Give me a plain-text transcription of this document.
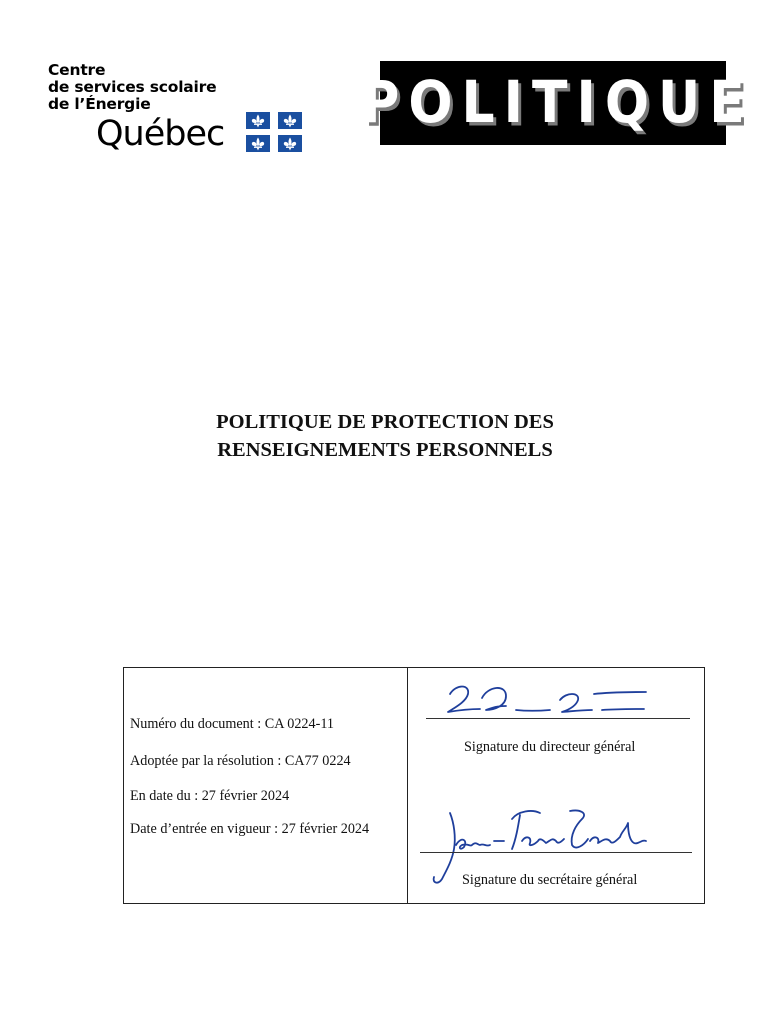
Centre
de services scolaire
de l’Énergie
Québec	POLITIQUE
POLITIQUE DE PROTECTION DES
RENSEIGNEMENTS PERSONNELS
Numéro du document : CA 0224-11
Adoptée par la résolution : CA77 0224
En date du : 27 février 2024
Date d’entrée en vigueur : 27 février 2024
Signature du directeur général
Signature du secrétaire général
